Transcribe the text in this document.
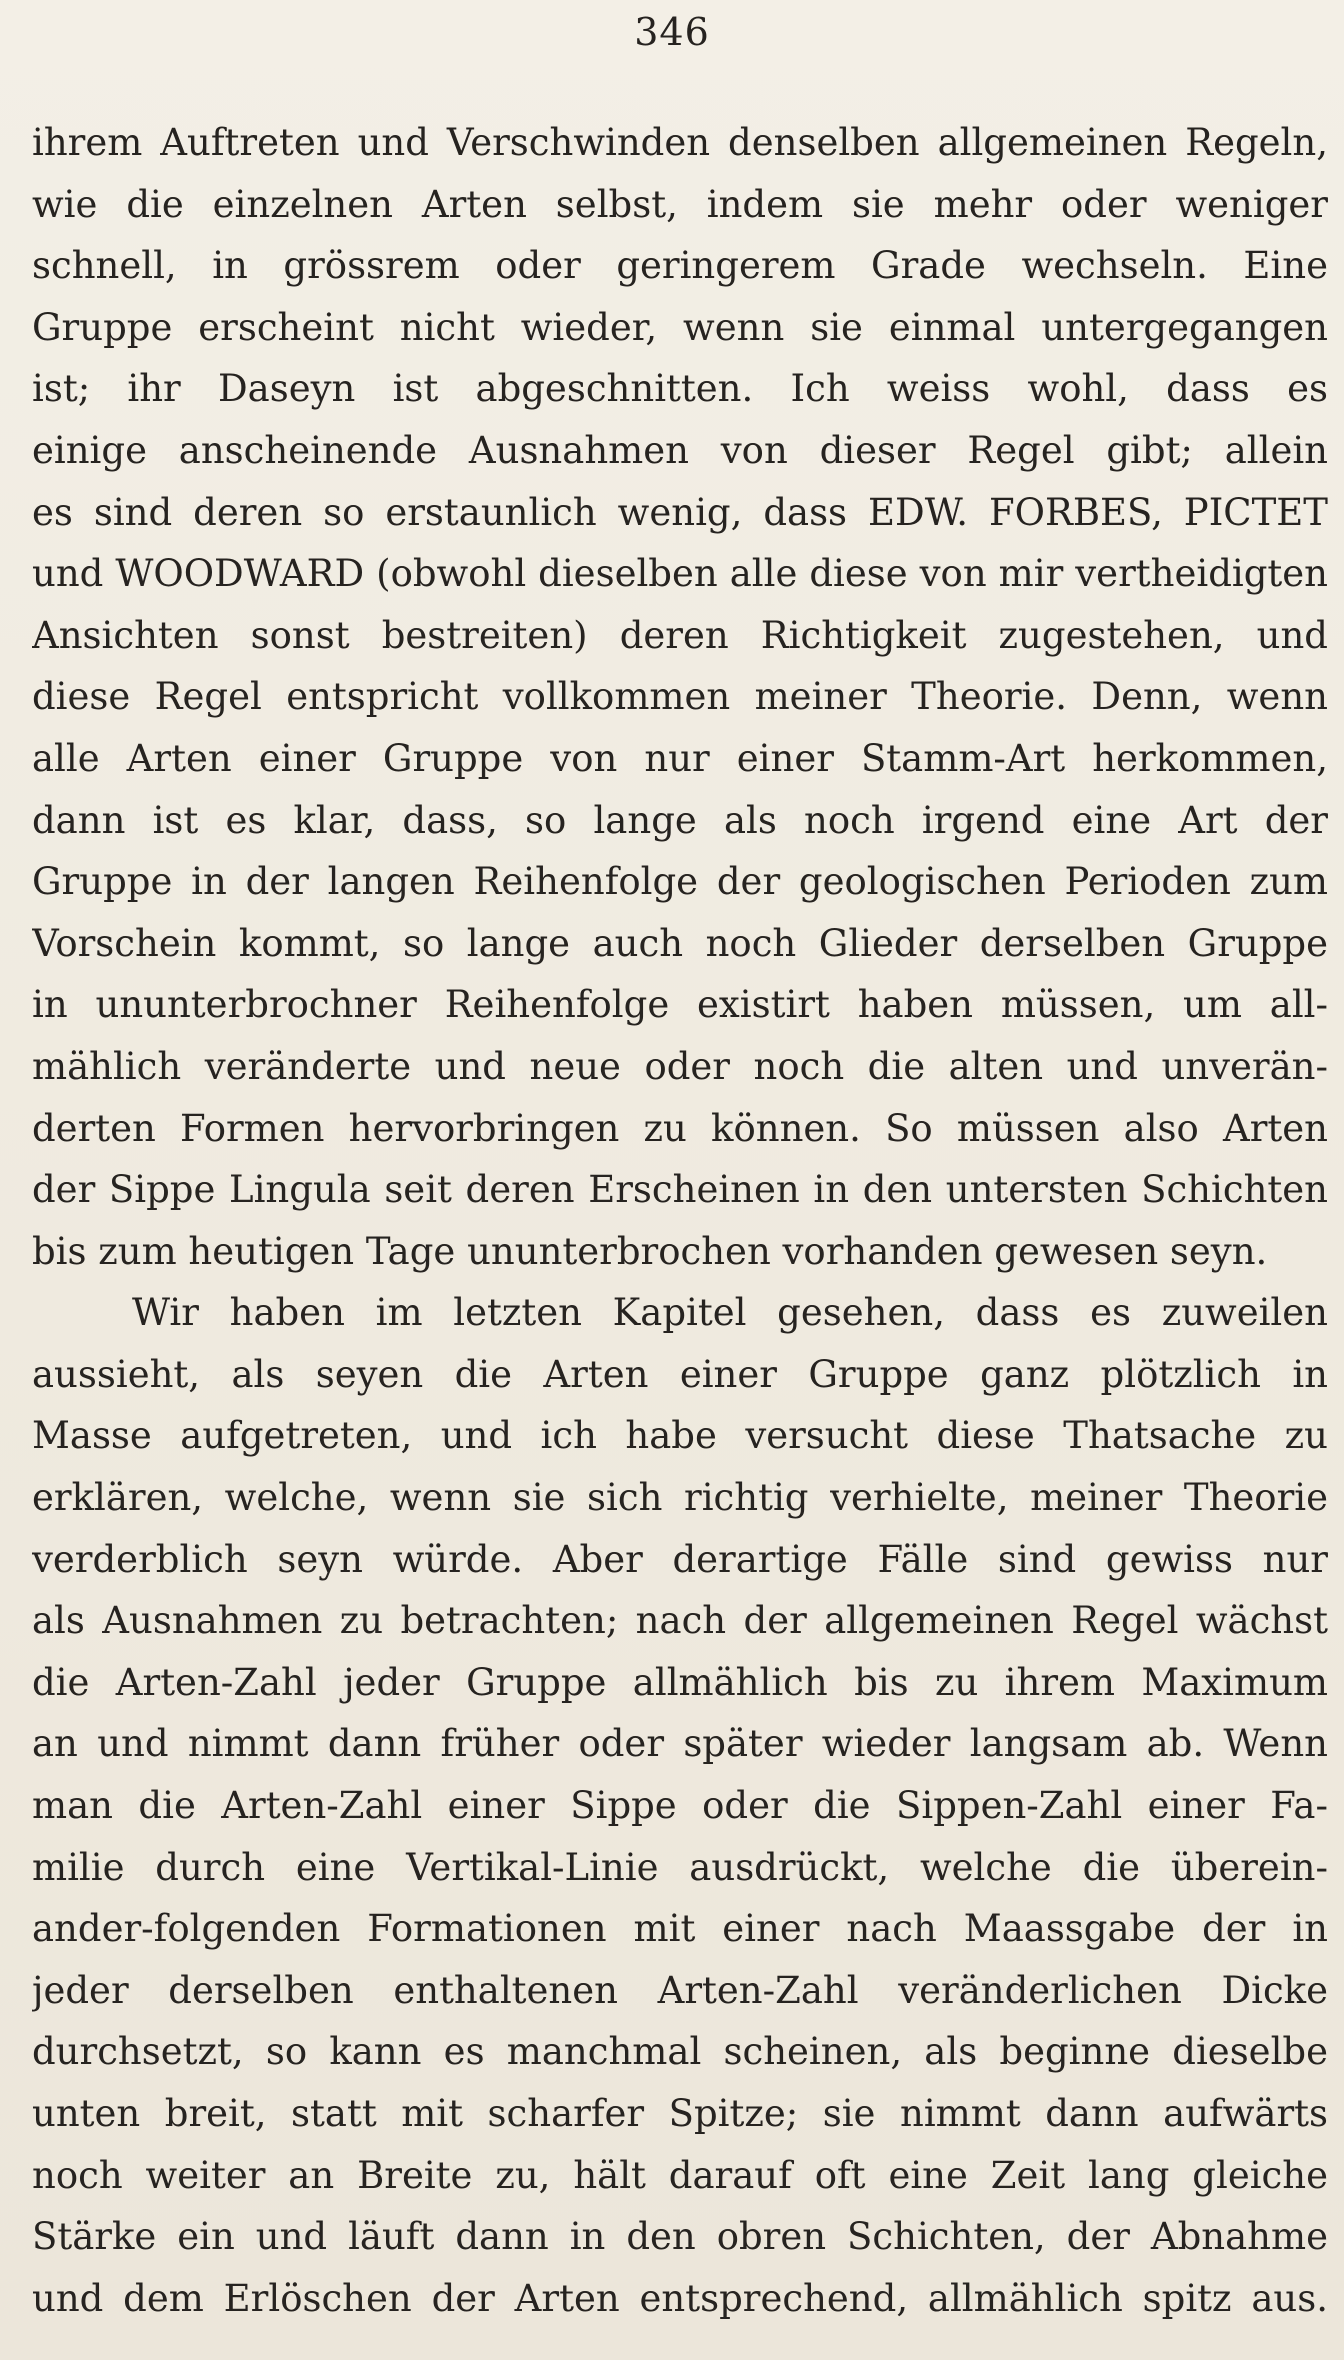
346
ihrem Auftreten und Verschwinden denselben allgemeinen Regeln,
wie die einzelnen Arten selbst, indem sie mehr oder weniger
schnell, in grössrem oder geringerem Grade wechseln. Eine
Gruppe erscheint nicht wieder, wenn sie einmal untergegangen
ist; ihr Daseyn ist abgeschnitten. Ich weiss wohl, dass es
einige anscheinende Ausnahmen von dieser Regel gibt; allein
es sind deren so erstaunlich wenig, dass EDW. FORBES, PICTET
und WOODWARD (obwohl dieselben alle diese von mir vertheidigten
Ansichten sonst bestreiten) deren Richtigkeit zugestehen, und
diese Regel entspricht vollkommen meiner Theorie. Denn, wenn
alle Arten einer Gruppe von nur einer Stamm-Art herkommen,
dann ist es klar, dass, so lange als noch irgend eine Art der
Gruppe in der langen Reihenfolge der geologischen Perioden zum
Vorschein kommt, so lange auch noch Glieder derselben Gruppe
in ununterbrochner Reihenfolge existirt haben müssen, um all-
mählich veränderte und neue oder noch die alten und unverän-
derten Formen hervorbringen zu können. So müssen also Arten
der Sippe Lingula seit deren Erscheinen in den untersten Schichten
bis zum heutigen Tage ununterbrochen vorhanden gewesen seyn.
Wir haben im letzten Kapitel gesehen, dass es zuweilen
aussieht, als seyen die Arten einer Gruppe ganz plötzlich in
Masse aufgetreten, und ich habe versucht diese Thatsache zu
erklären, welche, wenn sie sich richtig verhielte, meiner Theorie
verderblich seyn würde. Aber derartige Fälle sind gewiss nur
als Ausnahmen zu betrachten; nach der allgemeinen Regel wächst
die Arten-Zahl jeder Gruppe allmählich bis zu ihrem Maximum
an und nimmt dann früher oder später wieder langsam ab. Wenn
man die Arten-Zahl einer Sippe oder die Sippen-Zahl einer Fa-
milie durch eine Vertikal-Linie ausdrückt, welche die überein-
ander-folgenden Formationen mit einer nach Maassgabe der in
jeder derselben enthaltenen Arten-Zahl veränderlichen Dicke
durchsetzt, so kann es manchmal scheinen, als beginne dieselbe
unten breit, statt mit scharfer Spitze; sie nimmt dann aufwärts
noch weiter an Breite zu, hält darauf oft eine Zeit lang gleiche
Stärke ein und läuft dann in den obren Schichten, der Abnahme
und dem Erlöschen der Arten entsprechend, allmählich spitz aus.
